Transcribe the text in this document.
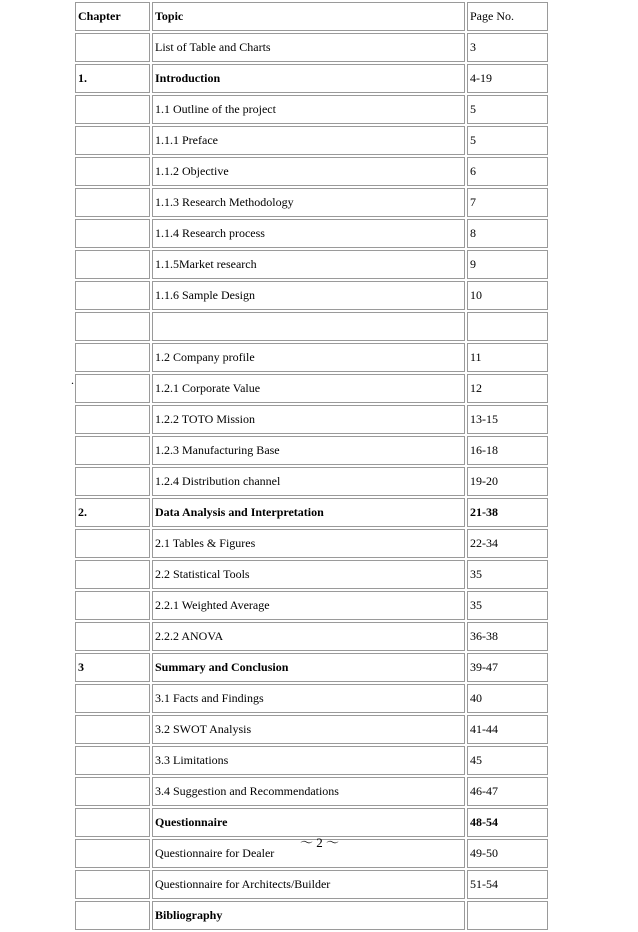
Chapter	Topic	Page No.
	List of Table and Charts	3
1.	Introduction	4-19
	1.1 Outline of the project	5
	1.1.1 Preface	5
	1.1.2 Objective	6
	1.1.3 Research Methodology	7
	1.1.4 Research process	8
	1.1.5Market research	9
	1.1.6 Sample Design	10

	1.2 Company profile	11
	1.2.1 Corporate Value	12
	1.2.2 TOTO Mission	13-15
	1.2.3 Manufacturing Base	16-18
	1.2.4 Distribution channel	19-20
2.	Data Analysis and Interpretation	21-38
	2.1 Tables & Figures	22-34
	2.2 Statistical Tools	35
	2.2.1 Weighted Average	35
	2.2.2 ANOVA	36-38
3	Summary and Conclusion	39-47
	3.1 Facts and Findings	40
	3.2 SWOT Analysis	41-44
	3.3 Limitations	45
	3.4 Suggestion and Recommendations	46-47
	Questionnaire	48-54
	Questionnaire for Dealer	49-50
	Questionnaire for Architects/Builder	51-54
	Bibliography	
.
～ 2 ～
